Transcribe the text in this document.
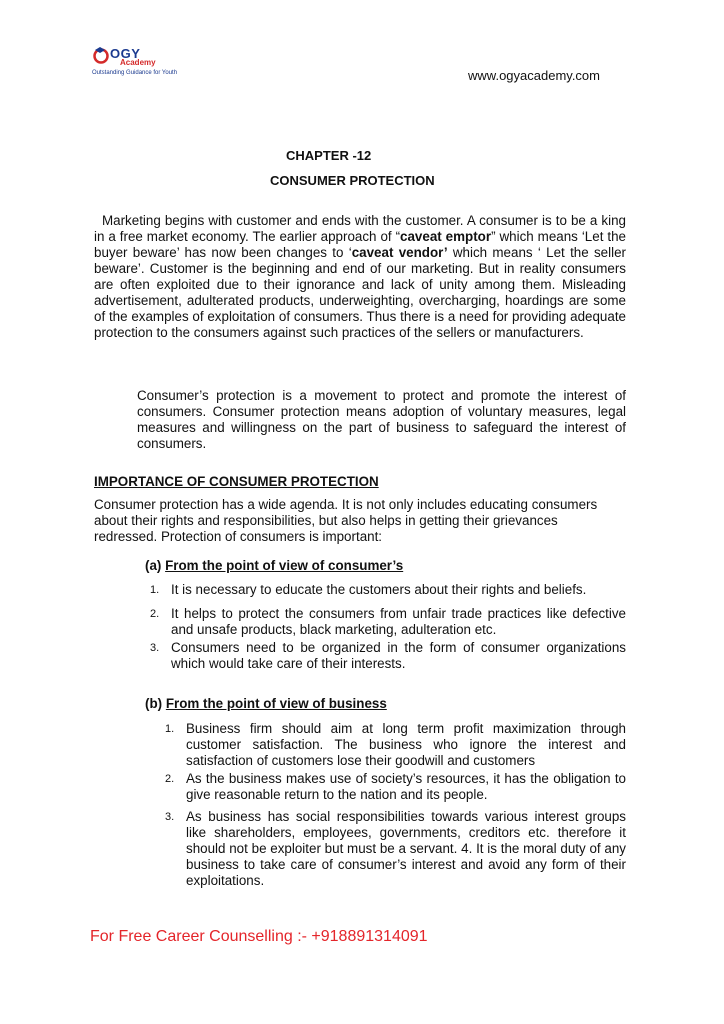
OGY
Academy
Outstanding Guidance for Youth	www.ogyacademy.com
CHAPTER -12
CONSUMER PROTECTION

Marketing begins with customer and ends with the customer. A consumer is to be a king in a free market economy. The earlier approach of “caveat emptor” which means ‘Let the buyer beware’ has now been changes to ‘caveat vendor’ which means ‘ Let the seller beware’. Customer is the beginning and end of our marketing. But in reality consumers are often exploited due to their ignorance and lack of unity among them. Misleading advertisement, adulterated products, underweighting, overcharging, hoardings are some of the examples of exploitation of consumers. Thus there is a need for providing adequate protection to the consumers against such practices of the sellers or manufacturers.

Consumer’s protection is a movement to protect and promote the interest of consumers. Consumer protection means adoption of voluntary measures, legal measures and willingness on the part of business to safeguard the interest of consumers.

IMPORTANCE OF CONSUMER PROTECTION

Consumer protection has a wide agenda. It is not only includes educating consumers about their rights and responsibilities, but also helps in getting their grievances redressed. Protection of consumers is important:

(a) From the point of view of consumer’s
1. It is necessary to educate the customers about their rights and beliefs.
2. It helps to protect the consumers from unfair trade practices like defective and unsafe products, black marketing, adulteration etc.
3. Consumers need to be organized in the form of consumer organizations which would take care of their interests.
(b) From the point of view of business
1. Business firm should aim at long term profit maximization through customer satisfaction. The business who ignore the interest and satisfaction of customers lose their goodwill and customers
2. As the business makes use of society’s resources, it has the obligation to give reasonable return to the nation and its people.
3. As business has social responsibilities towards various interest groups like shareholders, employees, governments, creditors etc. therefore it should not be exploiter but must be a servant. 4. It is the moral duty of any business to take care of consumer’s interest and avoid any form of their exploitations.
For Free Career Counselling :- +918891314091
